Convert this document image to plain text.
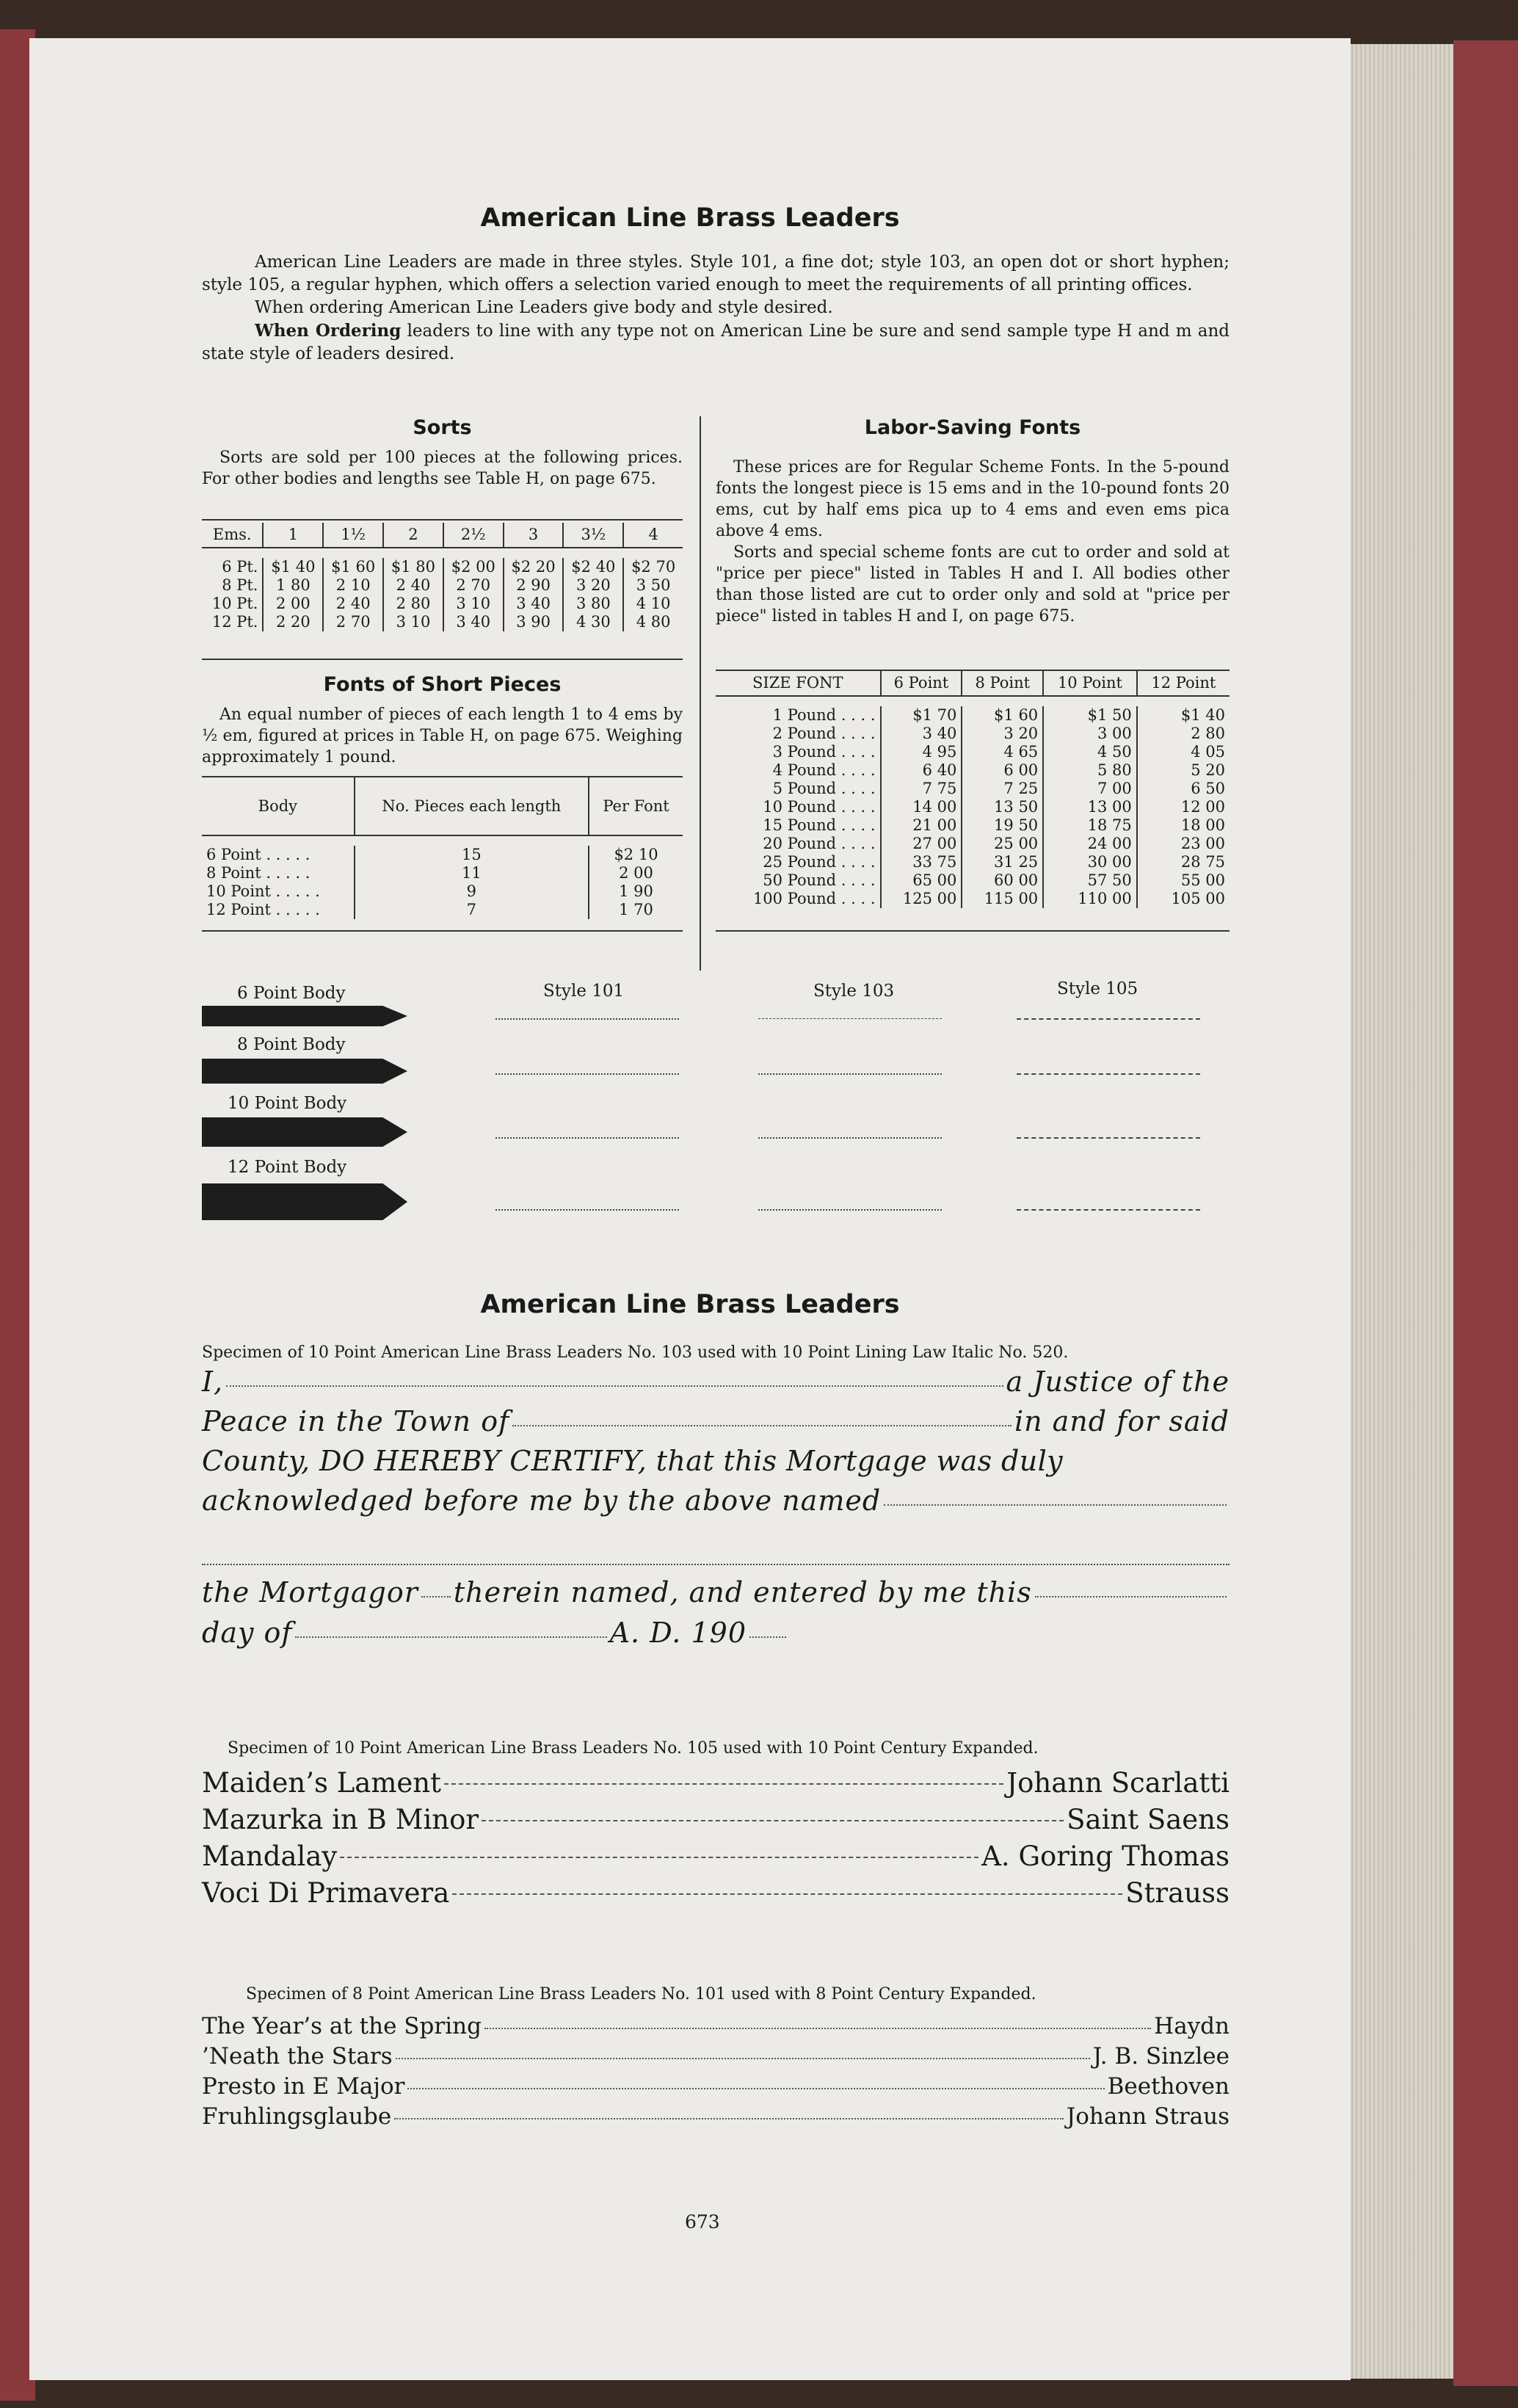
American Line Brass Leaders

American Line Leaders are made in three styles. Style 101, a fine dot; style 103, an open dot or short hyphen; style 105, a regular hyphen, which offers a selection varied enough to meet the requirements of all printing offices.

When ordering American Line Leaders give body and style desired.

When Ordering leaders to line with any type not on American Line be sure and send sample type H and m and state style of leaders desired.

Sorts

Sorts are sold per 100 pieces at the following prices. For other bodies and lengths see Table H, on page 675.

Ems.	1	1½	2	2½	3	3½	4

6 Pt.	$1 40	$1 60	$1 80	$2 00	$2 20	$2 40	$2 70
8 Pt.	1 80	2 10	2 40	2 70	2 90	3 20	3 50
10 Pt.	2 00	2 40	2 80	3 10	3 40	3 80	4 10
12 Pt.	2 20	2 70	3 10	3 40	3 90	4 30	4 80
Fonts of Short Pieces

An equal number of pieces of each length 1 to 4 ems by ½ em, figured at prices in Table H, on page 675. Weighing approximately 1 pound.

Body	No. Pieces each length	Per Font

6 Point . . . . .	15	$2 10
8 Point . . . . .	11	2 00
10 Point . . . . .	9	1 90
12 Point . . . . .	7	1 70
Labor-Saving Fonts

These prices are for Regular Scheme Fonts. In the 5-pound fonts the longest piece is 15 ems and in the 10-pound fonts 20 ems, cut by half ems pica up to 4 ems and even ems pica above 4 ems.

Sorts and special scheme fonts are cut to order and sold at "price per piece" listed in Tables H and I. All bodies other than those listed are cut to order only and sold at "price per piece" listed in tables H and I, on page 675.

SIZE FONT	6 Point	8 Point	10 Point	12 Point

1 Pound . . . .	$1 70	$1 60	$1 50	$1 40
2 Pound . . . .	3 40	3 20	3 00	2 80
3 Pound . . . .	4 95	4 65	4 50	4 05
4 Pound . . . .	6 40	6 00	5 80	5 20
5 Pound . . . .	7 75	7 25	7 00	6 50
10 Pound . . . .	14 00	13 50	13 00	12 00
15 Pound . . . .	21 00	19 50	18 75	18 00
20 Pound . . . .	27 00	25 00	24 00	23 00
25 Pound . . . .	33 75	31 25	30 00	28 75
50 Pound . . . .	65 00	60 00	57 50	55 00
100 Pound . . . .	125 00	115 00	110 00	105 00
6 Point Body
8 Point Body
10 Point Body
12 Point Body
Style 101	Style 103	Style 105
American Line Brass Leaders
Specimen of 10 Point American Line Brass Leaders No. 103 used with 10 Point Lining Law Italic No. 520.
I,	a Justice of the
Peace in the Town of	in and for said
County, DO HEREBY CERTIFY, that this Mortgage was duly
acknowledged before me by the above named
the Mortgagor therein named, and entered by me this
day of	A. D. 190
Specimen of 10 Point American Line Brass Leaders No. 105 used with 10 Point Century Expanded.
Maiden’s Lament	Johann Scarlatti
Mazurka in B Minor	Saint Saens
Mandalay	A. Goring Thomas
Voci Di Primavera	Strauss
Specimen of 8 Point American Line Brass Leaders No. 101 used with 8 Point Century Expanded.
The Year’s at the Spring	Haydn
’Neath the Stars	J. B. Sinzlee
Presto in E Major	Beethoven
Fruhlingsglaube	Johann Straus
673
